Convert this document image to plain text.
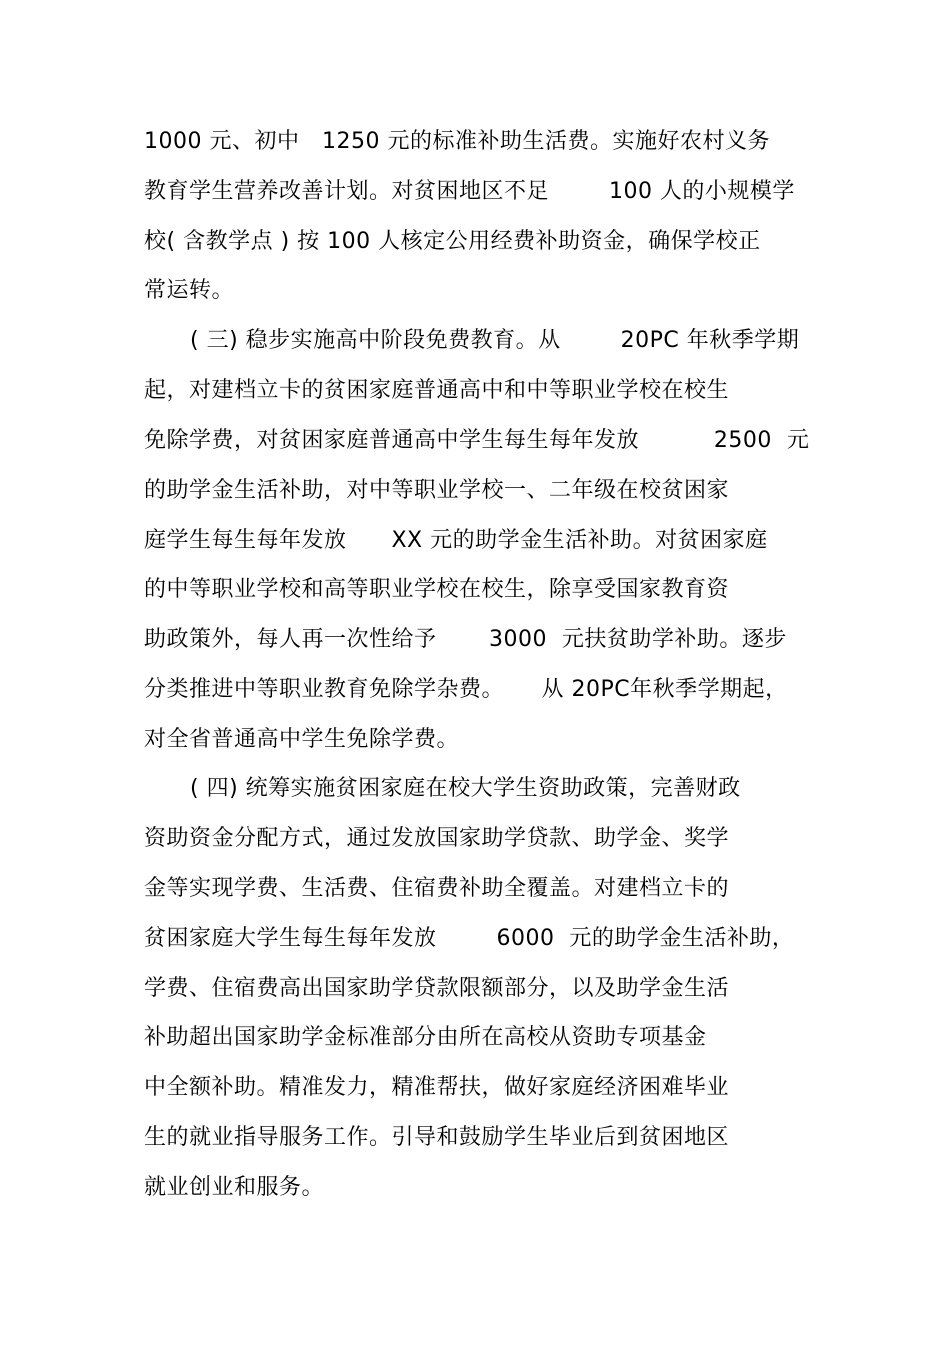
1000 元、初中   1250 元的标准补助生活费。实施好农村义务
教育学生营养改善计划。对贫困地区不足        100 人的小规模学
校( 含教学点 ) 按 100 人核定公用经费补助资金，确保学校正
常运转。
( 三) 稳步实施高中阶段免费教育。从        20PC 年秋季学期
起，对建档立卡的贫困家庭普通高中和中等职业学校在校生
免除学费，对贫困家庭普通高中学生每生每年发放          2500  元
的助学金生活补助，对中等职业学校一、二年级在校贫困家
庭学生每生每年发放      XX 元的助学金生活补助。对贫困家庭
的中等职业学校和高等职业学校在校生，除享受国家教育资
助政策外，每人再一次性给予       3000  元扶贫助学补助。逐步
分类推进中等职业教育免除学杂费。     从 20PC年秋季学期起，
对全省普通高中学生免除学费。
( 四) 统筹实施贫困家庭在校大学生资助政策，完善财政
资助资金分配方式，通过发放国家助学贷款、助学金、奖学
金等实现学费、生活费、住宿费补助全覆盖。对建档立卡的
贫困家庭大学生每生每年发放        6000  元的助学金生活补助，
学费、住宿费高出国家助学贷款限额部分，以及助学金生活
补助超出国家助学金标准部分由所在高校从资助专项基金
中全额补助。精准发力，精准帮扶，做好家庭经济困难毕业
生的就业指导服务工作。引导和鼓励学生毕业后到贫困地区
就业创业和服务。
